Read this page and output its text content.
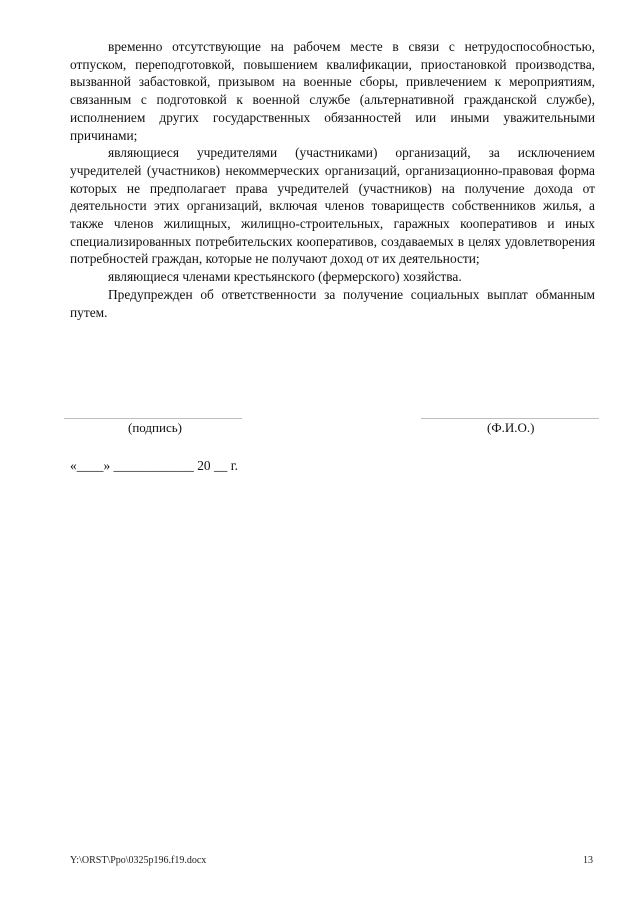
временно отсутствующие на рабочем месте в связи с нетрудоспособностью, отпуском, переподготовкой, повышением квалификации, приостановкой производства, вызванной забастовкой, призывом на военные сборы, привлечением к мероприятиям, связанным с подготовкой к военной службе (альтернативной гражданской службе), исполнением других государственных обязанностей или иными уважительными причинами;

являющиеся учредителями (участниками) организаций, за исключением учредителей (участников) некоммерческих организаций, организационно-правовая форма которых не предполагает права учредителей (участников) на получение дохода от деятельности этих организаций, включая членов товариществ собственников жилья, а также членов жилищных, жилищно-строительных, гаражных кооперативов и иных специализированных потребительских кооперативов, создаваемых в целях удовлетворения потребностей граждан, которые не получают доход от их деятельности;

являющиеся членами крестьянского (фермерского) хозяйства.

Предупрежден об ответственности за получение социальных выплат обманным путем.

(подпись)	(Ф.И.О.)
«____» ____________ 20 __ г.
Y:\ORST\Ppo\0325p196.f19.docx	13
